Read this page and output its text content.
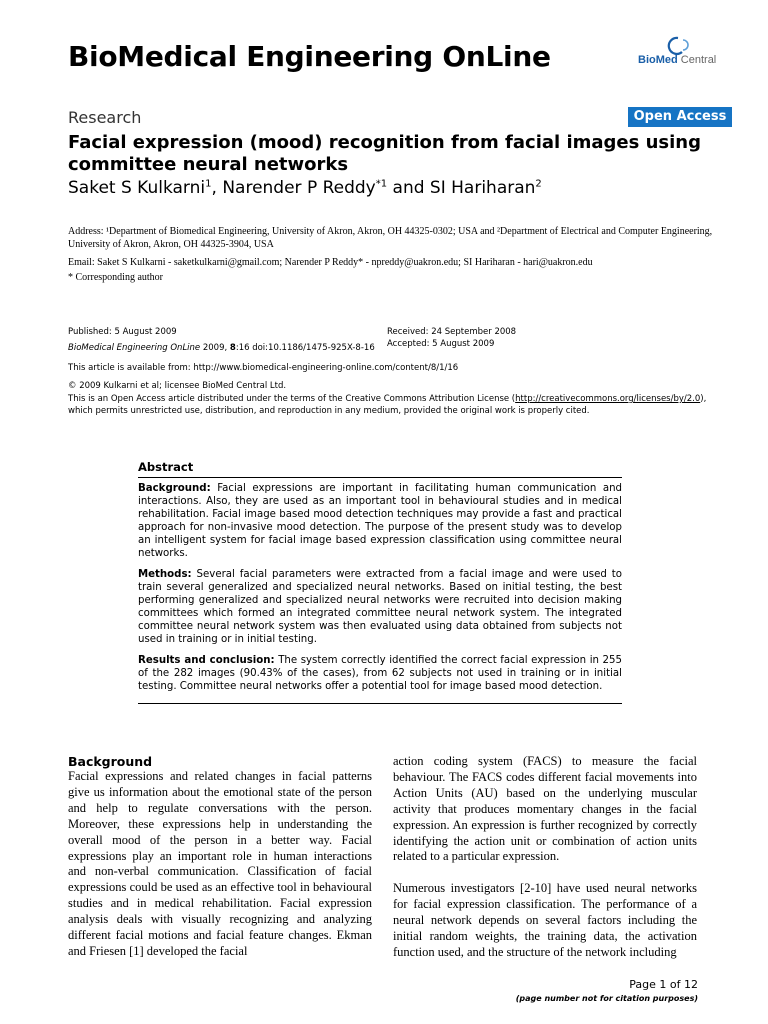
BioMedical Engineering OnLine	BioMed Central
Research	Open Access
Facial expression (mood) recognition from facial images using committee neural networks
Saket S Kulkarni$^1$, Narender P Reddy$^{*1}$ and SI Hariharan$^2$
Address: ¹Department of Biomedical Engineering, University of Akron, Akron, OH 44325-0302; USA and ²Department of Electrical and Computer Engineering, University of Akron, Akron, OH 44325-3904, USA
Email: Saket S Kulkarni - saketkulkarni@gmail.com; Narender P Reddy* - npreddy@uakron.edu; SI Hariharan - hari@uakron.edu
* Corresponding author
Published: 5 August 2009
BioMedical Engineering OnLine 2009, 8:16 doi:10.1186/1475-925X-8-16
Received: 24 September 2008
Accepted: 5 August 2009
This article is available from: http://www.biomedical-engineering-online.com/content/8/1/16
© 2009 Kulkarni et al; licensee BioMed Central Ltd.
This is an Open Access article distributed under the terms of the Creative Commons Attribution License (http://creativecommons.org/licenses/by/2.0),
which permits unrestricted use, distribution, and reproduction in any medium, provided the original work is properly cited.
Abstract

Background: Facial expressions are important in facilitating human communication and interactions. Also, they are used as an important tool in behavioural studies and in medical rehabilitation. Facial image based mood detection techniques may provide a fast and practical approach for non-invasive mood detection. The purpose of the present study was to develop an intelligent system for facial image based expression classification using committee neural networks.

Methods: Several facial parameters were extracted from a facial image and were used to train several generalized and specialized neural networks. Based on initial testing, the best performing generalized and specialized neural networks were recruited into decision making committees which formed an integrated committee neural network system. The integrated committee neural network system was then evaluated using data obtained from subjects not used in training or in initial testing.

Results and conclusion: The system correctly identified the correct facial expression in 255 of the 282 images (90.43% of the cases), from 62 subjects not used in training or in initial testing. Committee neural networks offer a potential tool for image based mood detection.

Background

Facial expressions and related changes in facial patterns give us information about the emotional state of the person and help to regulate conversations with the person. Moreover, these expressions help in understanding the overall mood of the person in a better way. Facial expressions play an important role in human interactions and non-verbal communication. Classification of facial expressions could be used as an effective tool in behavioural studies and in medical rehabilitation. Facial expression analysis deals with visually recognizing and analyzing different facial motions and facial feature changes. Ekman and Friesen [1] developed the facial

action coding system (FACS) to measure the facial behaviour. The FACS codes different facial movements into Action Units (AU) based on the underlying muscular activity that produces momentary changes in the facial expression. An expression is further recognized by correctly identifying the action unit or combination of action units related to a particular expression.

Numerous investigators [2-10] have used neural networks for facial expression classification. The performance of a neural network depends on several factors including the initial random weights, the training data, the activation function used, and the structure of the network including

Page 1 of 12
(page number not for citation purposes)
